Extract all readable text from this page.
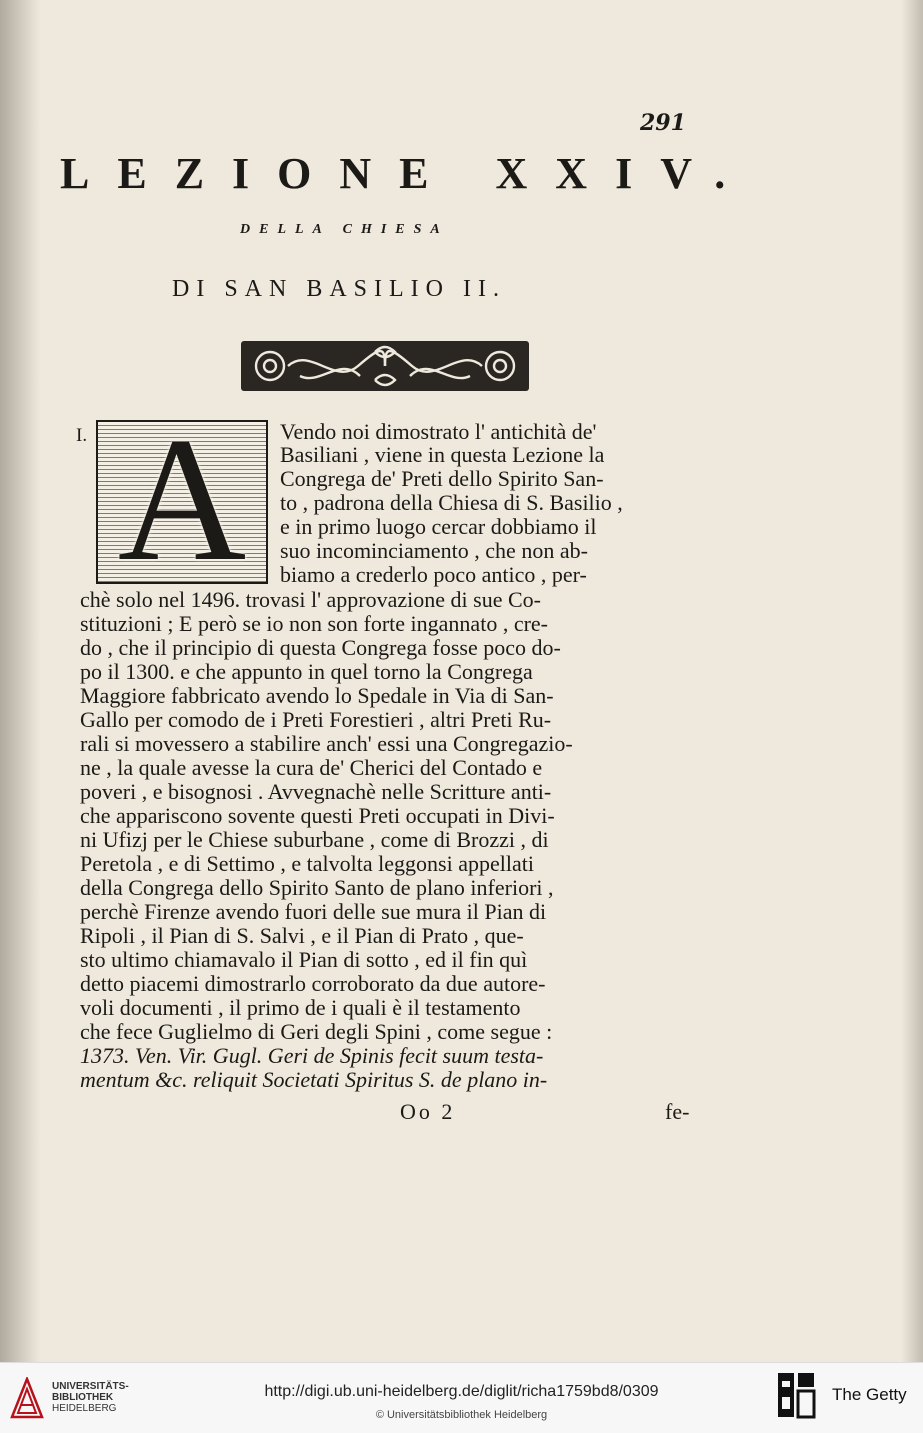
291
LEZIONE XXIV.
DELLA CHIESA
DI SAN BASILIO II.
I. A	Vendo noi dimostrato l' antichità de'
Basiliani , viene in questa Lezione la
Congrega de' Preti dello Spirito San-
to , padrona della Chiesa di S. Basilio ,
e in primo luogo cercar dobbiamo il
suo incominciamento , che non ab-
biamo a crederlo poco antico , per-
chè solo nel 1496. trovasi l' approvazione di sue Co-
stituzioni ; E però se io non son forte ingannato , cre-
do , che il principio di questa Congrega fosse poco do-
po il 1300. e che appunto in quel torno la Congrega
Maggiore fabbricato avendo lo Spedale in Via di San-
Gallo per comodo de i Preti Forestieri , altri Preti Ru-
rali si movessero a stabilire anch' essi una Congregazio-
ne , la quale avesse la cura de' Cherici del Contado e
poveri , e bisognosi . Avvegnachè nelle Scritture anti-
che appariscono sovente questi Preti occupati in Divi-
ni Ufizj per le Chiese suburbane , come di Brozzi , di
Peretola , e di Settimo , e talvolta leggonsi appellati
della Congrega dello Spirito Santo de plano inferiori ,
perchè Firenze avendo fuori delle sue mura il Pian di
Ripoli , il Pian di S. Salvi , e il Pian di Prato , que-
sto ultimo chiamavalo il Pian di sotto , ed il fin quì
detto piacemi dimostrarlo corroborato da due autore-
voli documenti , il primo de i quali è il testamento
che fece Guglielmo di Geri degli Spini , come segue :
1373. Ven. Vir. Gugl. Geri de Spinis fecit suum testa-
mentum &c. reliquit Societati Spiritus S. de plano in-
Oo 2	fe-
UNIVERSITÄTS-
BIBLIOTHEK
HEIDELBERG
http://digi.ub.uni-heidelberg.de/diglit/richa1759bd8/0309
© Universitätsbibliothek Heidelberg
The Getty
